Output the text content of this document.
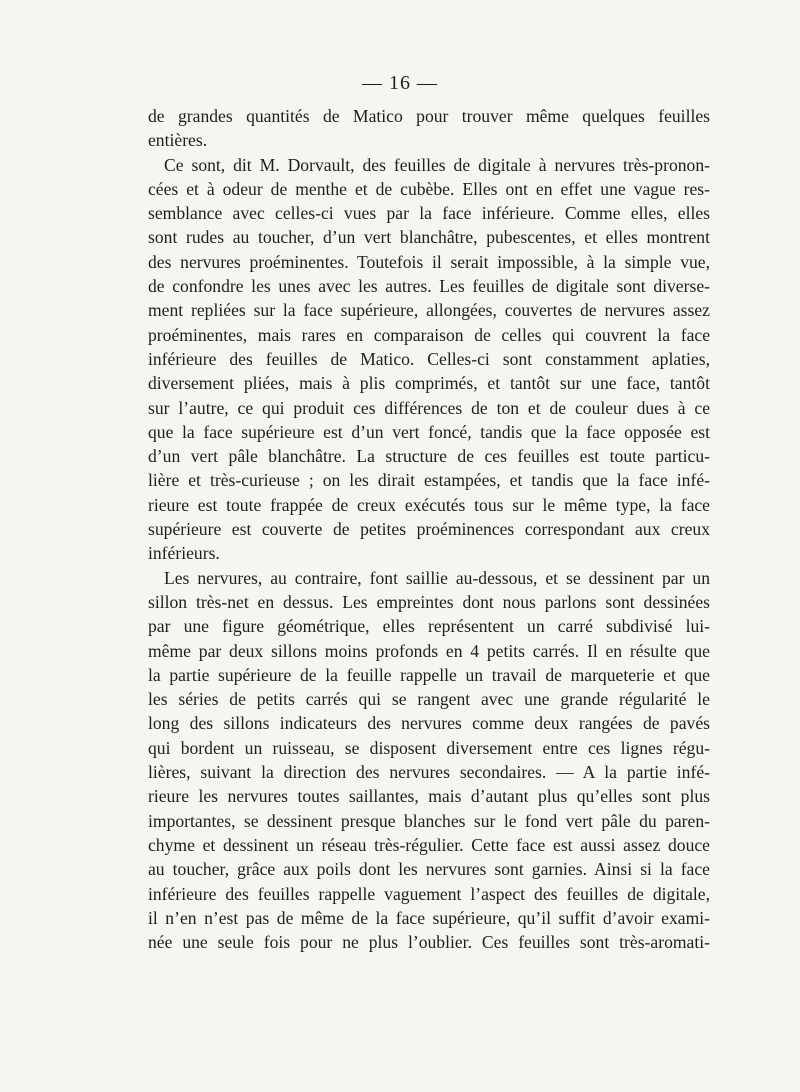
— 16 —
de grandes quantités de Matico pour trouver même quelques feuilles
entières.
Ce sont, dit M. Dorvault, des feuilles de digitale à nervures très-pronon-
cées et à odeur de menthe et de cubèbe. Elles ont en effet une vague res-
semblance avec celles-ci vues par la face inférieure. Comme elles, elles
sont rudes au toucher, d’un vert blanchâtre, pubescentes, et elles montrent
des nervures proéminentes. Toutefois il serait impossible, à la simple vue,
de confondre les unes avec les autres. Les feuilles de digitale sont diverse-
ment repliées sur la face supérieure, allongées, couvertes de nervures assez
proéminentes, mais rares en comparaison de celles qui couvrent la face
inférieure des feuilles de Matico. Celles-ci sont constamment aplaties,
diversement pliées, mais à plis comprimés, et tantôt sur une face, tantôt
sur l’autre, ce qui produit ces différences de ton et de couleur dues à ce
que la face supérieure est d’un vert foncé, tandis que la face opposée est
d’un vert pâle blanchâtre. La structure de ces feuilles est toute particu-
lière et très-curieuse ; on les dirait estampées, et tandis que la face infé-
rieure est toute frappée de creux exécutés tous sur le même type, la face
supérieure est couverte de petites proéminences correspondant aux creux
inférieurs.
Les nervures, au contraire, font saillie au-dessous, et se dessinent par un
sillon très-net en dessus. Les empreintes dont nous parlons sont dessinées
par une figure géométrique, elles représentent un carré subdivisé lui-
même par deux sillons moins profonds en 4 petits carrés. Il en résulte que
la partie supérieure de la feuille rappelle un travail de marqueterie et que
les séries de petits carrés qui se rangent avec une grande régularité le
long des sillons indicateurs des nervures comme deux rangées de pavés
qui bordent un ruisseau, se disposent diversement entre ces lignes régu-
lières, suivant la direction des nervures secondaires. — A la partie infé-
rieure les nervures toutes saillantes, mais d’autant plus qu’elles sont plus
importantes, se dessinent presque blanches sur le fond vert pâle du paren-
chyme et dessinent un réseau très-régulier. Cette face est aussi assez douce
au toucher, grâce aux poils dont les nervures sont garnies. Ainsi si la face
inférieure des feuilles rappelle vaguement l’aspect des feuilles de digitale,
il n’en n’est pas de même de la face supérieure, qu’il suffit d’avoir exami-
née une seule fois pour ne plus l’oublier. Ces feuilles sont très-aromati-
